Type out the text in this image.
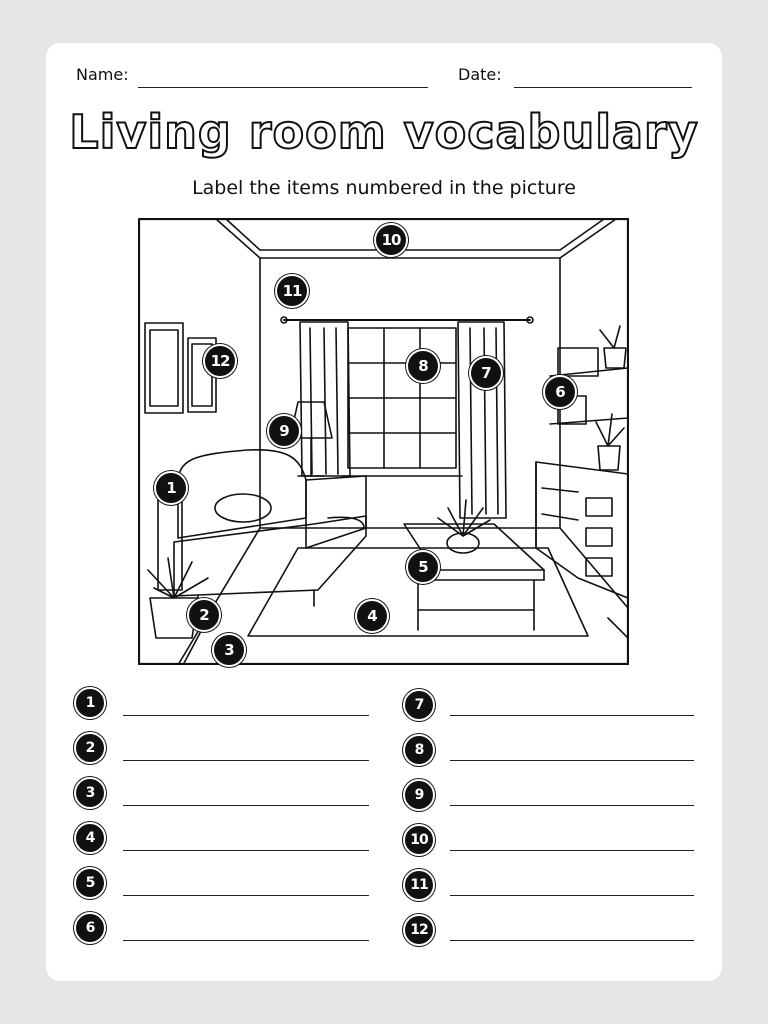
Name:	Date:
Living room vocabulary
Label the items numbered in the picture
10
11
12	8	7
6
9
1
5
2	4
3
1
2
3
4
5
6
7
8
9
10
11
12
